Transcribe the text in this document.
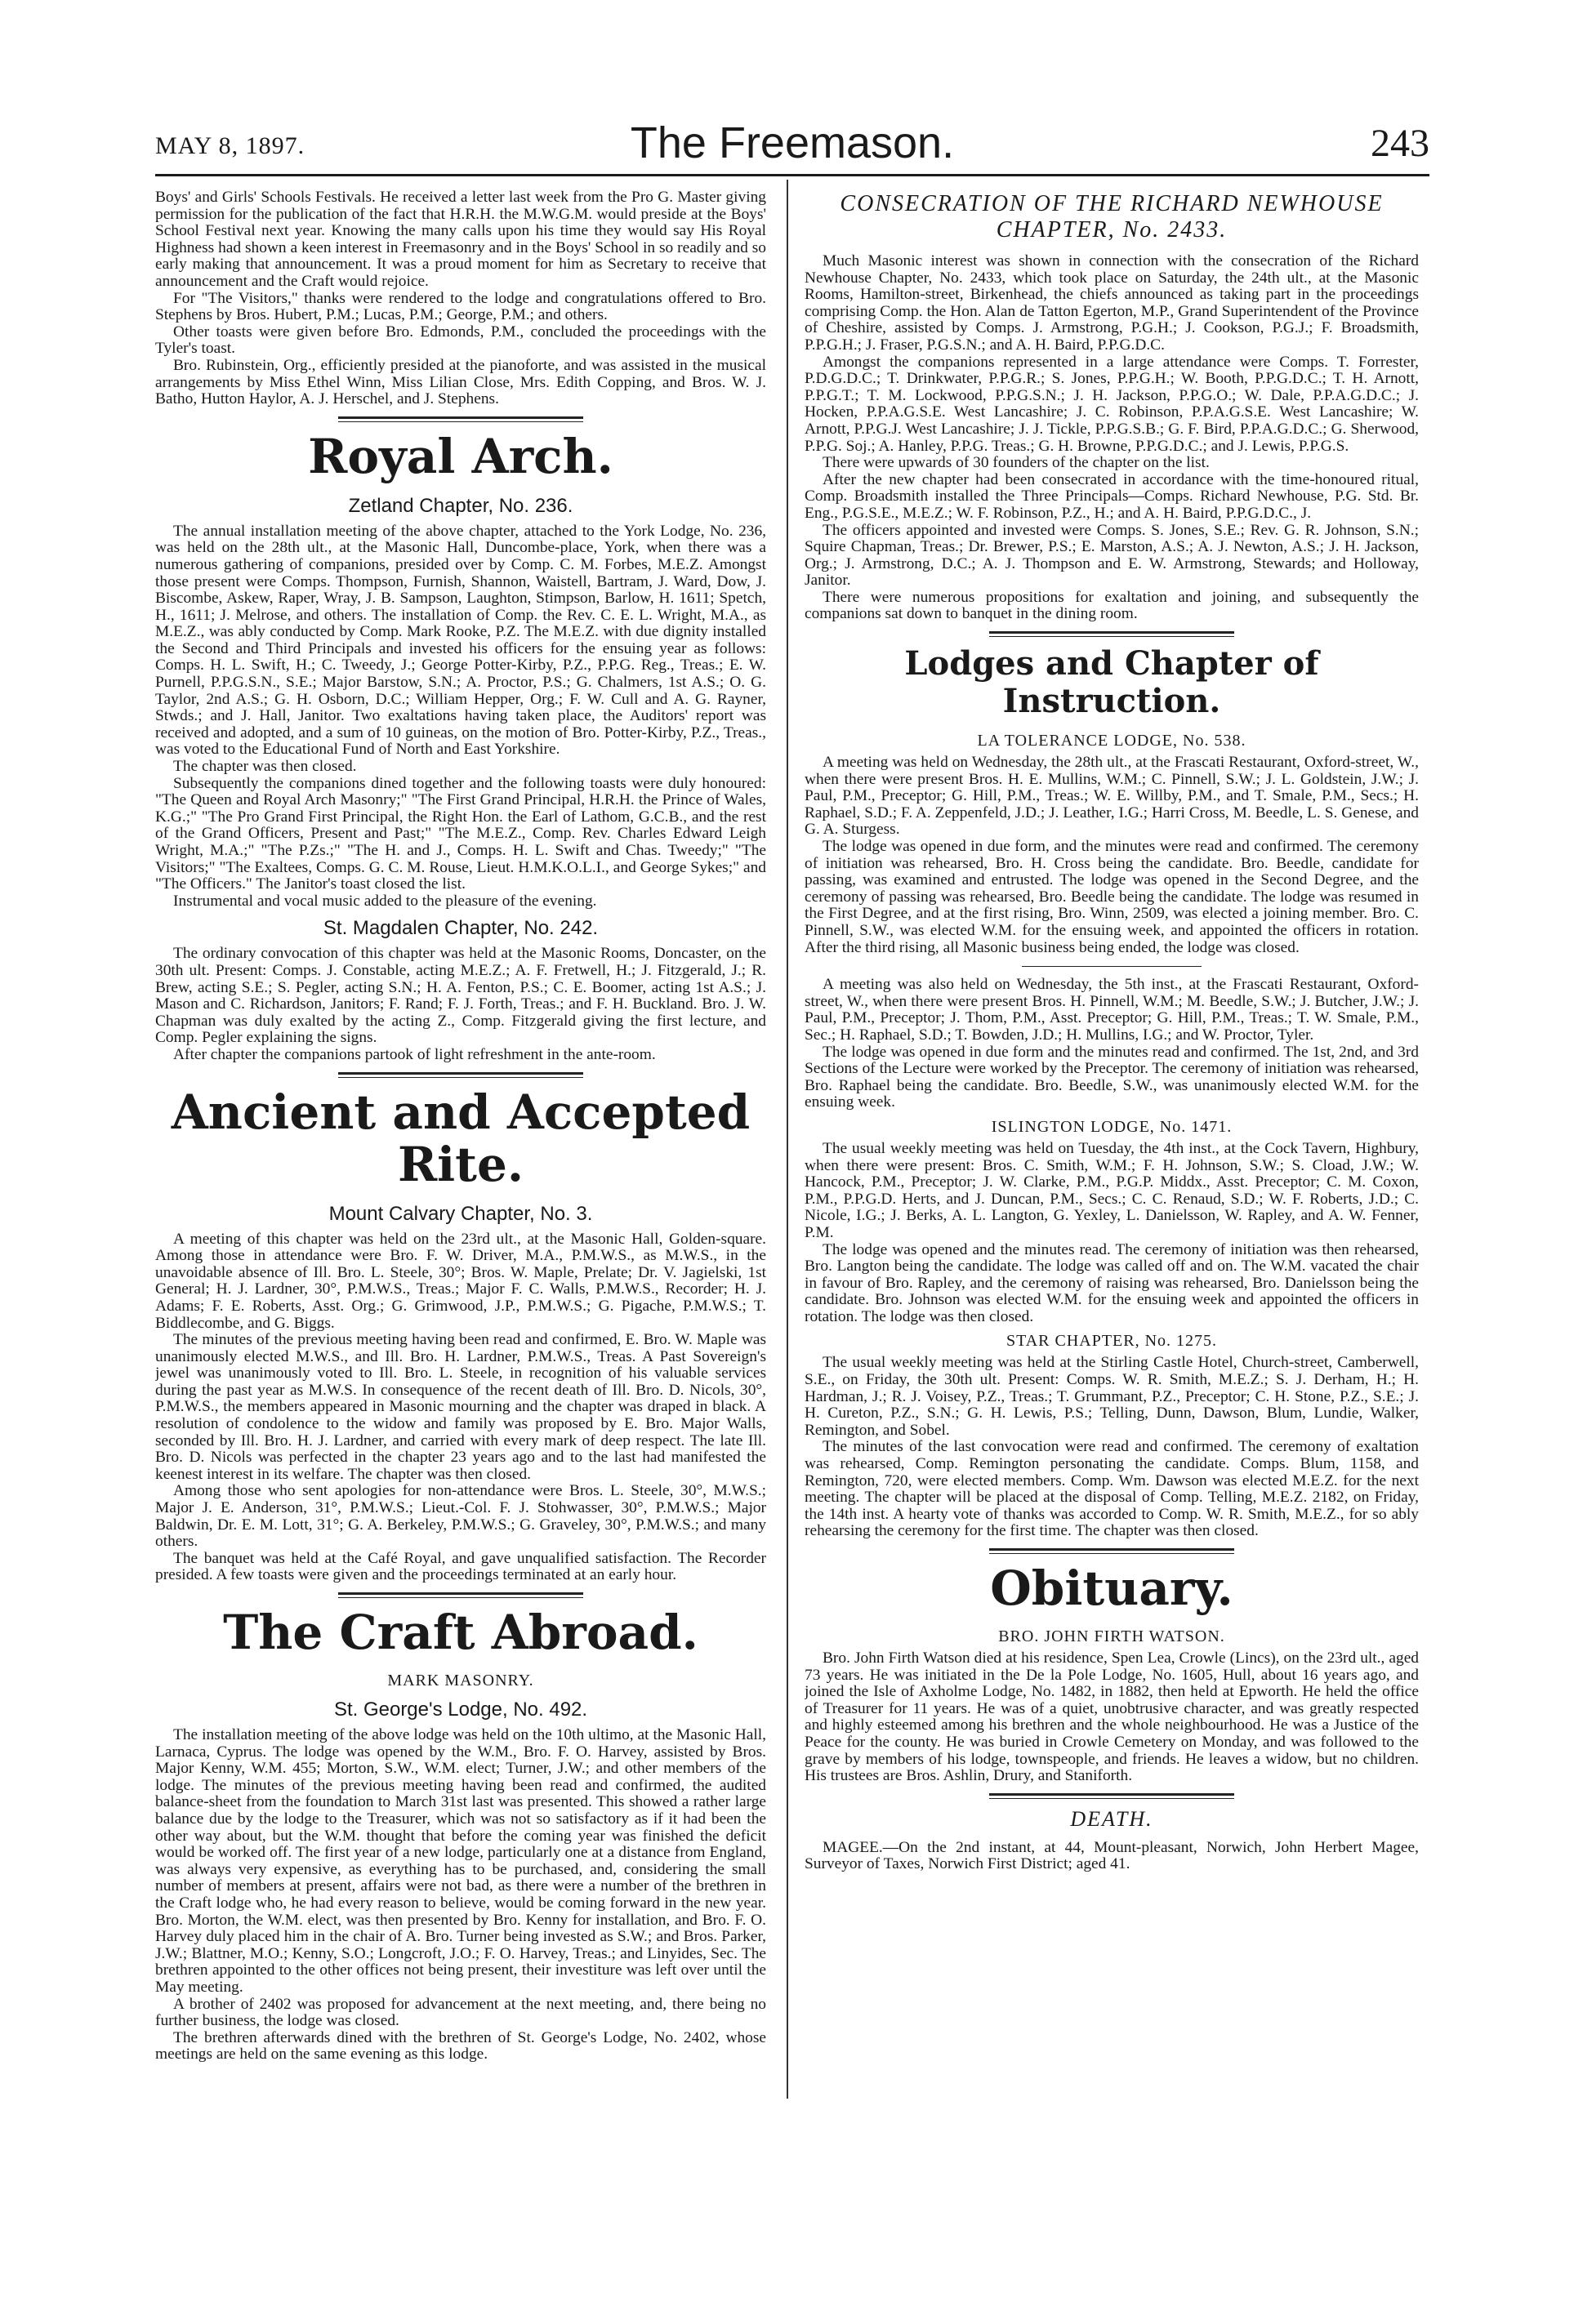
MAY 8, 1897.	The Freemason.	243

Boys' and Girls' Schools Festivals. He received a letter last week from the Pro G. Master giving permission for the publication of the fact that H.R.H. the M.W.G.M. would preside at the Boys' School Festival next year. Knowing the many calls upon his time they would say His Royal Highness had shown a keen interest in Freemasonry and in the Boys' School in so readily and so early making that announcement. It was a proud moment for him as Secretary to receive that announcement and the Craft would rejoice.

For "The Visitors," thanks were rendered to the lodge and congratulations offered to Bro. Stephens by Bros. Hubert, P.M.; Lucas, P.M.; George, P.M.; and others.

Other toasts were given before Bro. Edmonds, P.M., concluded the proceedings with the Tyler's toast.

Bro. Rubinstein, Org., efficiently presided at the pianoforte, and was assisted in the musical arrangements by Miss Ethel Winn, Miss Lilian Close, Mrs. Edith Copping, and Bros. W. J. Batho, Hutton Haylor, A. J. Herschel, and J. Stephens.

Royal Arch.
Zetland Chapter, No. 236.

The annual installation meeting of the above chapter, attached to the York Lodge, No. 236, was held on the 28th ult., at the Masonic Hall, Duncombe-place, York, when there was a numerous gathering of companions, presided over by Comp. C. M. Forbes, M.E.Z. Amongst those present were Comps. Thompson, Furnish, Shannon, Waistell, Bartram, J. Ward, Dow, J. Biscombe, Askew, Raper, Wray, J. B. Sampson, Laughton, Stimpson, Barlow, H. 1611; Spetch, H., 1611; J. Melrose, and others. The installation of Comp. the Rev. C. E. L. Wright, M.A., as M.E.Z., was ably conducted by Comp. Mark Rooke, P.Z. The M.E.Z. with due dignity installed the Second and Third Principals and invested his officers for the ensuing year as follows: Comps. H. L. Swift, H.; C. Tweedy, J.; George Potter-Kirby, P.Z., P.P.G. Reg., Treas.; E. W. Purnell, P.P.G.S.N., S.E.; Major Barstow, S.N.; A. Proctor, P.S.; G. Chalmers, 1st A.S.; O. G. Taylor, 2nd A.S.; G. H. Osborn, D.C.; William Hepper, Org.; F. W. Cull and A. G. Rayner, Stwds.; and J. Hall, Janitor. Two exaltations having taken place, the Auditors' report was received and adopted, and a sum of 10 guineas, on the motion of Bro. Potter-Kirby, P.Z., Treas., was voted to the Educational Fund of North and East Yorkshire.

The chapter was then closed.

Subsequently the companions dined together and the following toasts were duly honoured: "The Queen and Royal Arch Masonry;" "The First Grand Principal, H.R.H. the Prince of Wales, K.G.;" "The Pro Grand First Principal, the Right Hon. the Earl of Lathom, G.C.B., and the rest of the Grand Officers, Present and Past;" "The M.E.Z., Comp. Rev. Charles Edward Leigh Wright, M.A.;" "The P.Zs.;" "The H. and J., Comps. H. L. Swift and Chas. Tweedy;" "The Visitors;" "The Exaltees, Comps. G. C. M. Rouse, Lieut. H.M.K.O.L.I., and George Sykes;" and "The Officers." The Janitor's toast closed the list.

Instrumental and vocal music added to the pleasure of the evening.

St. Magdalen Chapter, No. 242.

The ordinary convocation of this chapter was held at the Masonic Rooms, Doncaster, on the 30th ult. Present: Comps. J. Constable, acting M.E.Z.; A. F. Fretwell, H.; J. Fitzgerald, J.; R. Brew, acting S.E.; S. Pegler, acting S.N.; H. A. Fenton, P.S.; C. E. Boomer, acting 1st A.S.; J. Mason and C. Richardson, Janitors; F. Rand; F. J. Forth, Treas.; and F. H. Buckland. Bro. J. W. Chapman was duly exalted by the acting Z., Comp. Fitzgerald giving the first lecture, and Comp. Pegler explaining the signs.

After chapter the companions partook of light refreshment in the ante-room.

Ancient and Accepted Rite.
Mount Calvary Chapter, No. 3.

A meeting of this chapter was held on the 23rd ult., at the Masonic Hall, Golden-square. Among those in attendance were Bro. F. W. Driver, M.A., P.M.W.S., as M.W.S., in the unavoidable absence of Ill. Bro. L. Steele, 30°; Bros. W. Maple, Prelate; Dr. V. Jagielski, 1st General; H. J. Lardner, 30°, P.M.W.S., Treas.; Major F. C. Walls, P.M.W.S., Recorder; H. J. Adams; F. E. Roberts, Asst. Org.; G. Grimwood, J.P., P.M.W.S.; G. Pigache, P.M.W.S.; T. Biddlecombe, and G. Biggs.

The minutes of the previous meeting having been read and confirmed, E. Bro. W. Maple was unanimously elected M.W.S., and Ill. Bro. H. Lardner, P.M.W.S., Treas. A Past Sovereign's jewel was unanimously voted to Ill. Bro. L. Steele, in recognition of his valuable services during the past year as M.W.S. In consequence of the recent death of Ill. Bro. D. Nicols, 30°, P.M.W.S., the members appeared in Masonic mourning and the chapter was draped in black. A resolution of condolence to the widow and family was proposed by E. Bro. Major Walls, seconded by Ill. Bro. H. J. Lardner, and carried with every mark of deep respect. The late Ill. Bro. D. Nicols was perfected in the chapter 23 years ago and to the last had manifested the keenest interest in its welfare. The chapter was then closed.

Among those who sent apologies for non-attendance were Bros. L. Steele, 30°, M.W.S.; Major J. E. Anderson, 31°, P.M.W.S.; Lieut.-Col. F. J. Stohwasser, 30°, P.M.W.S.; Major Baldwin, Dr. E. M. Lott, 31°; G. A. Berkeley, P.M.W.S.; G. Graveley, 30°, P.M.W.S.; and many others.

The banquet was held at the Café Royal, and gave unqualified satisfaction. The Recorder presided. A few toasts were given and the proceedings terminated at an early hour.

The Craft Abroad.
MARK MASONRY.
St. George's Lodge, No. 492.

The installation meeting of the above lodge was held on the 10th ultimo, at the Masonic Hall, Larnaca, Cyprus. The lodge was opened by the W.M., Bro. F. O. Harvey, assisted by Bros. Major Kenny, W.M. 455; Morton, S.W., W.M. elect; Turner, J.W.; and other members of the lodge. The minutes of the previous meeting having been read and confirmed, the audited balance-sheet from the foundation to March 31st last was presented. This showed a rather large balance due by the lodge to the Treasurer, which was not so satisfactory as if it had been the other way about, but the W.M. thought that before the coming year was finished the deficit would be worked off. The first year of a new lodge, particularly one at a distance from England, was always very expensive, as everything has to be purchased, and, considering the small number of members at present, affairs were not bad, as there were a number of the brethren in the Craft lodge who, he had every reason to believe, would be coming forward in the new year. Bro. Morton, the W.M. elect, was then presented by Bro. Kenny for installation, and Bro. F. O. Harvey duly placed him in the chair of A. Bro. Turner being invested as S.W.; and Bros. Parker, J.W.; Blattner, M.O.; Kenny, S.O.; Longcroft, J.O.; F. O. Harvey, Treas.; and Linyides, Sec. The brethren appointed to the other offices not being present, their investiture was left over until the May meeting.

A brother of 2402 was proposed for advancement at the next meeting, and, there being no further business, the lodge was closed.

The brethren afterwards dined with the brethren of St. George's Lodge, No. 2402, whose meetings are held on the same evening as this lodge.

CONSECRATION OF THE RICHARD NEWHOUSE
CHAPTER, No. 2433.

Much Masonic interest was shown in connection with the consecration of the Richard Newhouse Chapter, No. 2433, which took place on Saturday, the 24th ult., at the Masonic Rooms, Hamilton-street, Birkenhead, the chiefs announced as taking part in the proceedings comprising Comp. the Hon. Alan de Tatton Egerton, M.P., Grand Superintendent of the Province of Cheshire, assisted by Comps. J. Armstrong, P.G.H.; J. Cookson, P.G.J.; F. Broadsmith, P.P.G.H.; J. Fraser, P.G.S.N.; and A. H. Baird, P.P.G.D.C.

Amongst the companions represented in a large attendance were Comps. T. Forrester, P.D.G.D.C.; T. Drinkwater, P.P.G.R.; S. Jones, P.P.G.H.; W. Booth, P.P.G.D.C.; T. H. Arnott, P.P.G.T.; T. M. Lockwood, P.P.G.S.N.; J. H. Jackson, P.P.G.O.; W. Dale, P.P.A.G.D.C.; J. Hocken, P.P.A.G.S.E. West Lancashire; J. C. Robinson, P.P.A.G.S.E. West Lancashire; W. Arnott, P.P.G.J. West Lancashire; J. J. Tickle, P.P.G.S.B.; G. F. Bird, P.P.A.G.D.C.; G. Sherwood, P.P.G. Soj.; A. Hanley, P.P.G. Treas.; G. H. Browne, P.P.G.D.C.; and J. Lewis, P.P.G.S.

There were upwards of 30 founders of the chapter on the list.

After the new chapter had been consecrated in accordance with the time-honoured ritual, Comp. Broadsmith installed the Three Principals—Comps. Richard Newhouse, P.G. Std. Br. Eng., P.G.S.E., M.E.Z.; W. F. Robinson, P.Z., H.; and A. H. Baird, P.P.G.D.C., J.

The officers appointed and invested were Comps. S. Jones, S.E.; Rev. G. R. Johnson, S.N.; Squire Chapman, Treas.; Dr. Brewer, P.S.; E. Marston, A.S.; A. J. Newton, A.S.; J. H. Jackson, Org.; J. Armstrong, D.C.; A. J. Thompson and E. W. Armstrong, Stewards; and Holloway, Janitor.

There were numerous propositions for exaltation and joining, and subsequently the companions sat down to banquet in the dining room.

Lodges and Chapter of Instruction.
LA TOLERANCE LODGE, No. 538.

A meeting was held on Wednesday, the 28th ult., at the Frascati Restaurant, Oxford-street, W., when there were present Bros. H. E. Mullins, W.M.; C. Pinnell, S.W.; J. L. Goldstein, J.W.; J. Paul, P.M., Preceptor; G. Hill, P.M., Treas.; W. E. Willby, P.M., and T. Smale, P.M., Secs.; H. Raphael, S.D.; F. A. Zeppenfeld, J.D.; J. Leather, I.G.; Harri Cross, M. Beedle, L. S. Genese, and G. A. Sturgess.

The lodge was opened in due form, and the minutes were read and confirmed. The ceremony of initiation was rehearsed, Bro. H. Cross being the candidate. Bro. Beedle, candidate for passing, was examined and entrusted. The lodge was opened in the Second Degree, and the ceremony of passing was rehearsed, Bro. Beedle being the candidate. The lodge was resumed in the First Degree, and at the first rising, Bro. Winn, 2509, was elected a joining member. Bro. C. Pinnell, S.W., was elected W.M. for the ensuing week, and appointed the officers in rotation. After the third rising, all Masonic business being ended, the lodge was closed.

A meeting was also held on Wednesday, the 5th inst., at the Frascati Restaurant, Oxford-street, W., when there were present Bros. H. Pinnell, W.M.; M. Beedle, S.W.; J. Butcher, J.W.; J. Paul, P.M., Preceptor; J. Thom, P.M., Asst. Preceptor; G. Hill, P.M., Treas.; T. W. Smale, P.M., Sec.; H. Raphael, S.D.; T. Bowden, J.D.; H. Mullins, I.G.; and W. Proctor, Tyler.

The lodge was opened in due form and the minutes read and confirmed. The 1st, 2nd, and 3rd Sections of the Lecture were worked by the Preceptor. The ceremony of initiation was rehearsed, Bro. Raphael being the candidate. Bro. Beedle, S.W., was unanimously elected W.M. for the ensuing week.

ISLINGTON LODGE, No. 1471.

The usual weekly meeting was held on Tuesday, the 4th inst., at the Cock Tavern, Highbury, when there were present: Bros. C. Smith, W.M.; F. H. Johnson, S.W.; S. Cload, J.W.; W. Hancock, P.M., Preceptor; J. W. Clarke, P.M., P.G.P. Middx., Asst. Preceptor; C. M. Coxon, P.M., P.P.G.D. Herts, and J. Duncan, P.M., Secs.; C. C. Renaud, S.D.; W. F. Roberts, J.D.; C. Nicole, I.G.; J. Berks, A. L. Langton, G. Yexley, L. Danielsson, W. Rapley, and A. W. Fenner, P.M.

The lodge was opened and the minutes read. The ceremony of initiation was then rehearsed, Bro. Langton being the candidate. The lodge was called off and on. The W.M. vacated the chair in favour of Bro. Rapley, and the ceremony of raising was rehearsed, Bro. Danielsson being the candidate. Bro. Johnson was elected W.M. for the ensuing week and appointed the officers in rotation. The lodge was then closed.

STAR CHAPTER, No. 1275.

The usual weekly meeting was held at the Stirling Castle Hotel, Church-street, Camberwell, S.E., on Friday, the 30th ult. Present: Comps. W. R. Smith, M.E.Z.; S. J. Derham, H.; H. Hardman, J.; R. J. Voisey, P.Z., Treas.; T. Grummant, P.Z., Preceptor; C. H. Stone, P.Z., S.E.; J. H. Cureton, P.Z., S.N.; G. H. Lewis, P.S.; Telling, Dunn, Dawson, Blum, Lundie, Walker, Remington, and Sobel.

The minutes of the last convocation were read and confirmed. The ceremony of exaltation was rehearsed, Comp. Remington personating the candidate. Comps. Blum, 1158, and Remington, 720, were elected members. Comp. Wm. Dawson was elected M.E.Z. for the next meeting. The chapter will be placed at the disposal of Comp. Telling, M.E.Z. 2182, on Friday, the 14th inst. A hearty vote of thanks was accorded to Comp. W. R. Smith, M.E.Z., for so ably rehearsing the ceremony for the first time. The chapter was then closed.

Obituary.
BRO. JOHN FIRTH WATSON.

Bro. John Firth Watson died at his residence, Spen Lea, Crowle (Lincs), on the 23rd ult., aged 73 years. He was initiated in the De la Pole Lodge, No. 1605, Hull, about 16 years ago, and joined the Isle of Axholme Lodge, No. 1482, in 1882, then held at Epworth. He held the office of Treasurer for 11 years. He was of a quiet, unobtrusive character, and was greatly respected and highly esteemed among his brethren and the whole neighbourhood. He was a Justice of the Peace for the county. He was buried in Crowle Cemetery on Monday, and was followed to the grave by members of his lodge, townspeople, and friends. He leaves a widow, but no children. His trustees are Bros. Ashlin, Drury, and Staniforth.

DEATH.

MAGEE.—On the 2nd instant, at 44, Mount-pleasant, Norwich, John Herbert Magee, Surveyor of Taxes, Norwich First District; aged 41.
